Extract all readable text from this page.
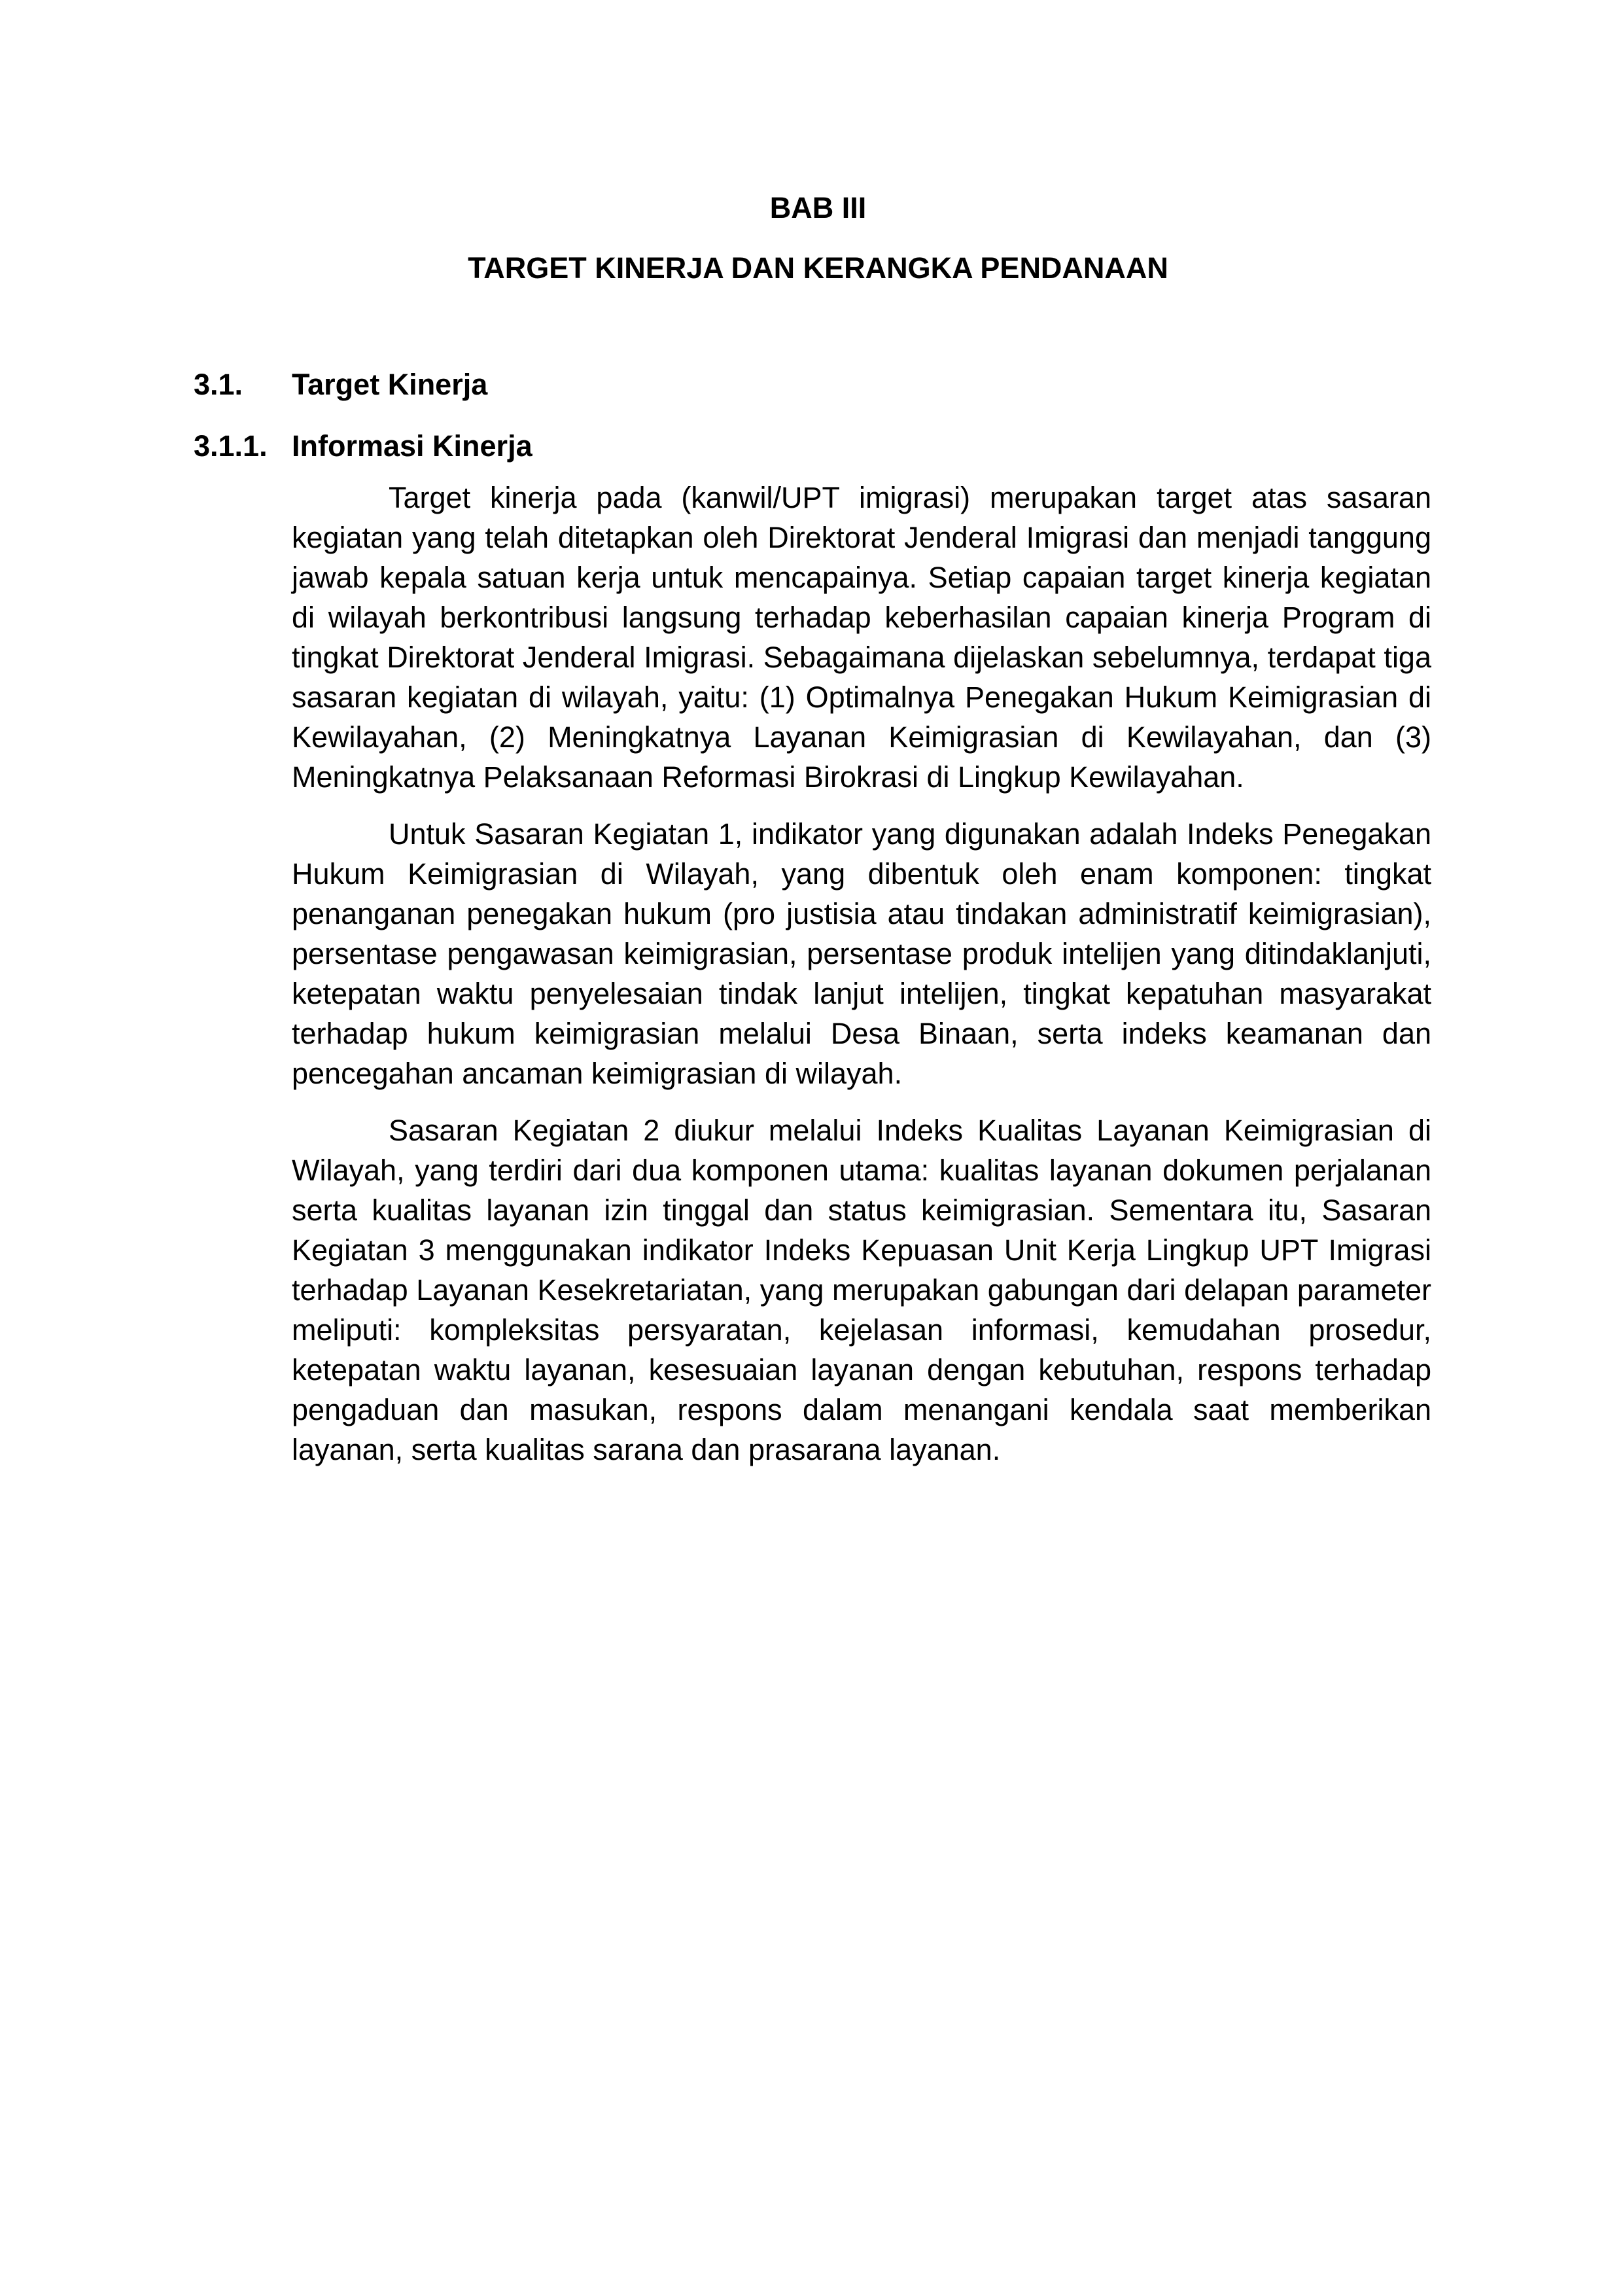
BAB III

TARGET KINERJA DAN KERANGKA PENDANAAN

3.1. Target Kinerja
3.1.1. Informasi Kinerja

Target kinerja pada (kanwil/UPT imigrasi) merupakan target atas sasaran kegiatan yang telah ditetapkan oleh Direktorat Jenderal Imigrasi dan menjadi tanggung jawab kepala satuan kerja untuk mencapainya. Setiap capaian target kinerja kegiatan di wilayah berkontribusi langsung terhadap keberhasilan capaian kinerja Program di tingkat Direktorat Jenderal Imigrasi. Sebagaimana dijelaskan sebelumnya, terdapat tiga sasaran kegiatan di wilayah, yaitu: (1) Optimalnya Penegakan Hukum Keimigrasian di Kewilayahan, (2) Meningkatnya Layanan Keimigrasian di Kewilayahan, dan (3) Meningkatnya Pelaksanaan Reformasi Birokrasi di Lingkup Kewilayahan.

Untuk Sasaran Kegiatan 1, indikator yang digunakan adalah Indeks Penegakan Hukum Keimigrasian di Wilayah, yang dibentuk oleh enam komponen: tingkat penanganan penegakan hukum (pro justisia atau tindakan administratif keimigrasian), persentase pengawasan keimigrasian, persentase produk intelijen yang ditindaklanjuti, ketepatan waktu penyelesaian tindak lanjut intelijen, tingkat kepatuhan masyarakat terhadap hukum keimigrasian melalui Desa Binaan, serta indeks keamanan dan pencegahan ancaman keimigrasian di wilayah.

Sasaran Kegiatan 2 diukur melalui Indeks Kualitas Layanan Keimigrasian di Wilayah, yang terdiri dari dua komponen utama: kualitas layanan dokumen perjalanan serta kualitas layanan izin tinggal dan status keimigrasian. Sementara itu, Sasaran Kegiatan 3 menggunakan indikator Indeks Kepuasan Unit Kerja Lingkup UPT Imigrasi terhadap Layanan Kesekretariatan, yang merupakan gabungan dari delapan parameter meliputi: kompleksitas persyaratan, kejelasan informasi, kemudahan prosedur, ketepatan waktu layanan, kesesuaian layanan dengan kebutuhan, respons terhadap pengaduan dan masukan, respons dalam menangani kendala saat memberikan layanan, serta kualitas sarana dan prasarana layanan.
